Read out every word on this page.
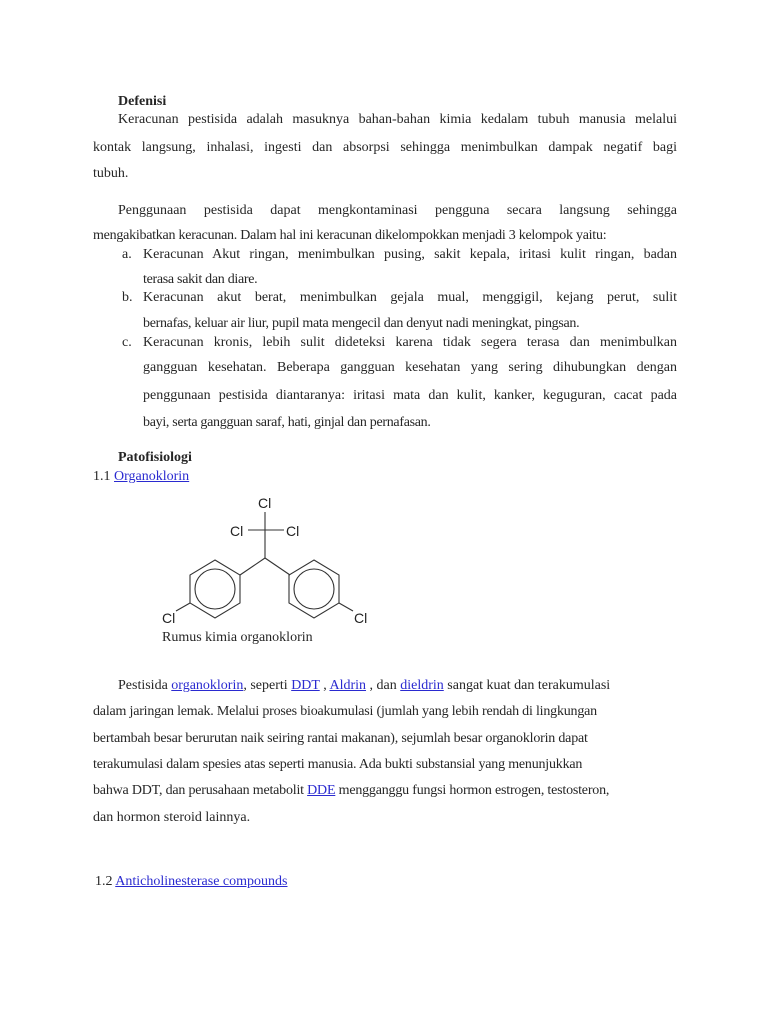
Defenisi
Keracunan pestisida adalah masuknya bahan-bahan kimia kedalam tubuh manusia melalui
kontak langsung, inhalasi, ingesti dan absorpsi sehingga menimbulkan dampak negatif bagi
tubuh.
Penggunaan pestisida dapat mengkontaminasi pengguna secara langsung sehingga
mengakibatkan keracunan. Dalam hal ini keracunan dikelompokkan menjadi 3 kelompok yaitu:
a. Keracunan Akut ringan, menimbulkan pusing, sakit kepala, iritasi kulit ringan, badan
terasa sakit dan diare.
b. Keracunan akut berat, menimbulkan gejala mual, menggigil, kejang perut, sulit
bernafas, keluar air liur, pupil mata mengecil dan denyut nadi meningkat, pingsan.
c. Keracunan kronis, lebih sulit dideteksi karena tidak segera terasa dan menimbulkan
gangguan kesehatan. Beberapa gangguan kesehatan yang sering dihubungkan dengan
penggunaan pestisida diantaranya: iritasi mata dan kulit, kanker, keguguran, cacat pada
bayi, serta gangguan saraf, hati, ginjal dan pernafasan.
Patofisiologi
1.1 Organoklorin
Cl
Cl	Cl
Cl	Cl
Rumus kimia organoklorin
Pestisida organoklorin, seperti DDT , Aldrin , dan dieldrin sangat kuat dan terakumulasi
dalam jaringan lemak. Melalui proses bioakumulasi (jumlah yang lebih rendah di lingkungan
bertambah besar berurutan naik seiring rantai makanan), sejumlah besar organoklorin dapat
terakumulasi dalam spesies atas seperti manusia. Ada bukti substansial yang menunjukkan
bahwa DDT, dan perusahaan metabolit DDE mengganggu fungsi hormon estrogen, testosteron,
dan hormon steroid lainnya.
1.2 Anticholinesterase compounds
